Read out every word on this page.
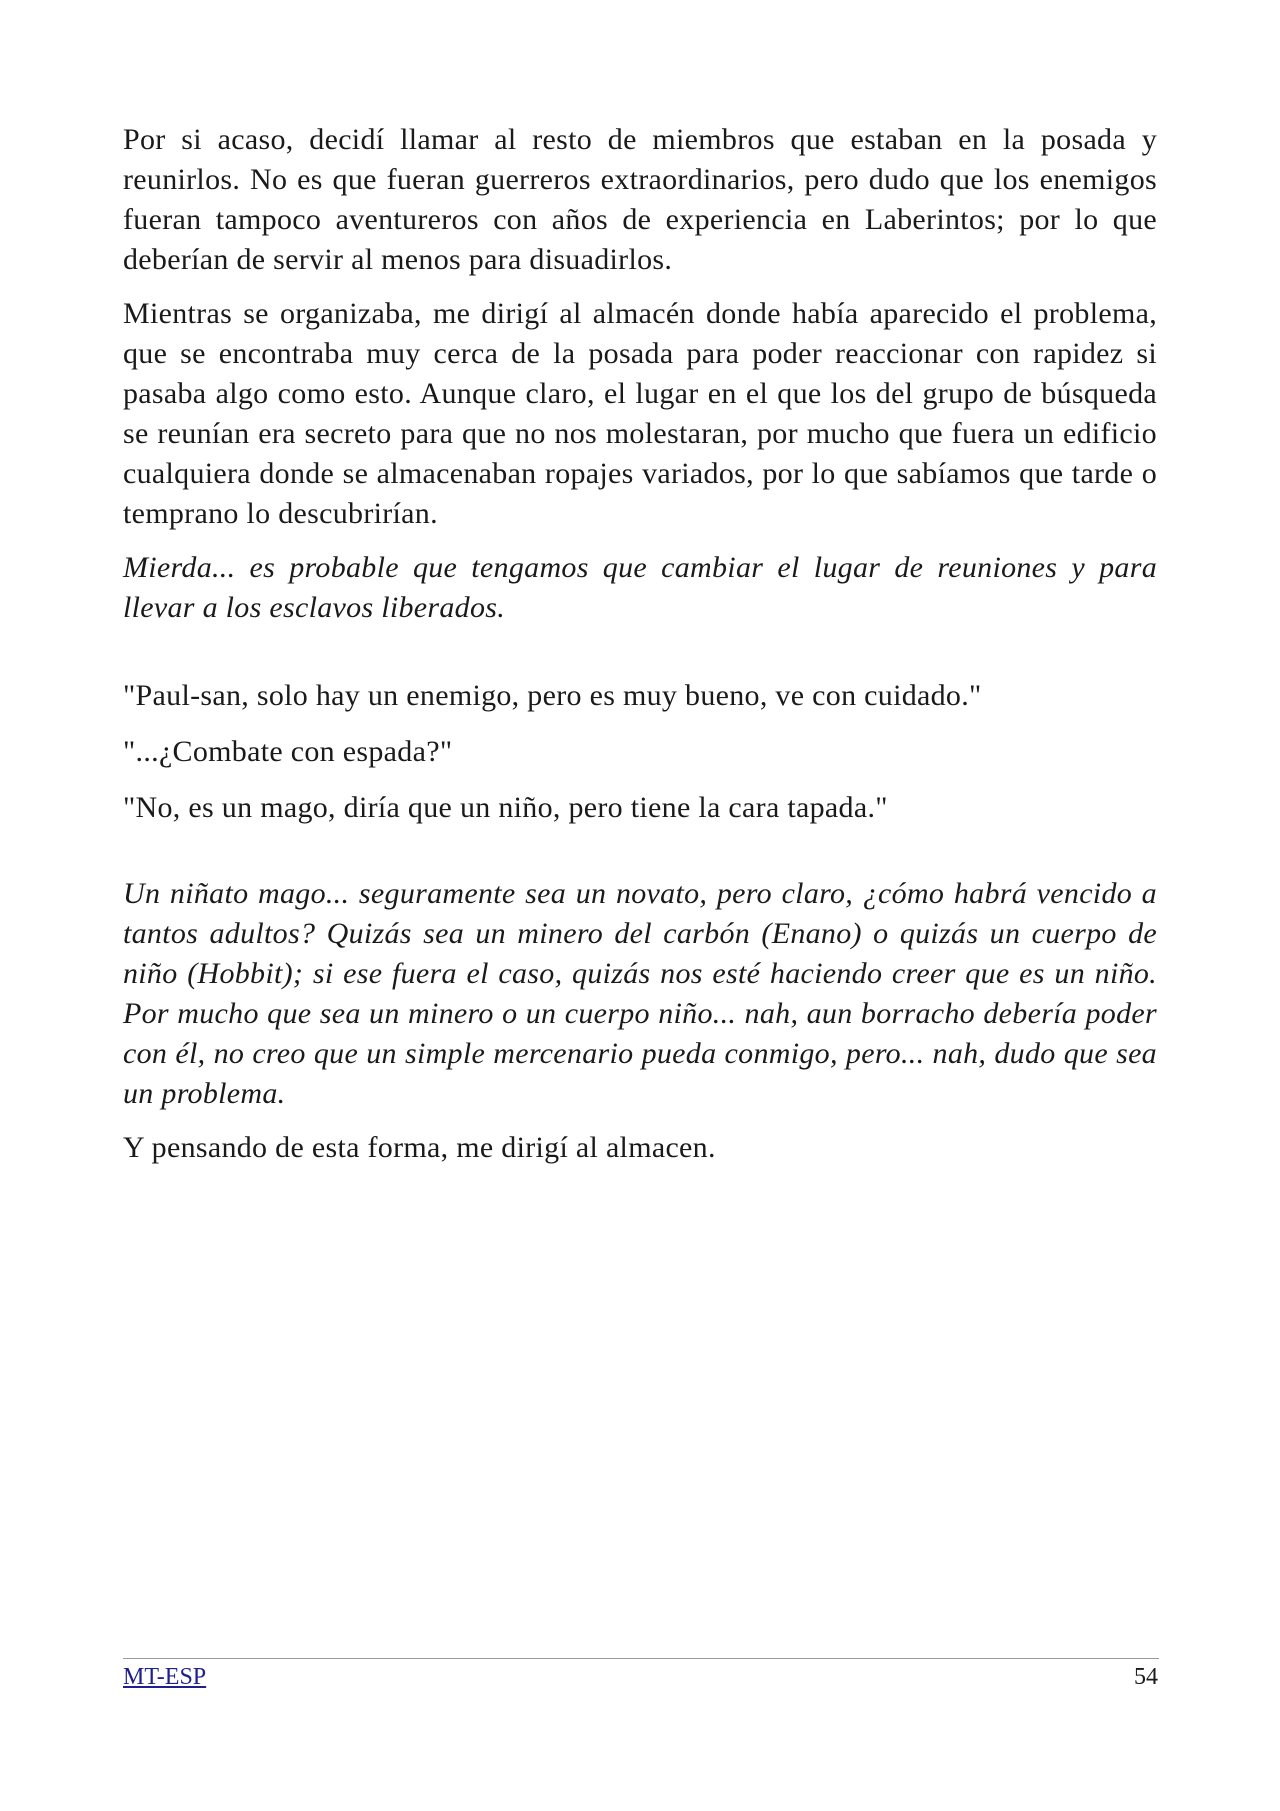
Por si acaso, decidí llamar al resto de miembros que estaban en la posada y reunirlos. No es que fueran guerreros extraordinarios, pero dudo que los enemigos fueran tampoco aventureros con años de experiencia en Laberintos; por lo que deberían de servir al menos para disuadirlos.

Mientras se organizaba, me dirigí al almacén donde había aparecido el problema, que se encontraba muy cerca de la posada para poder reaccionar con rapidez si pasaba algo como esto. Aunque claro, el lugar en el que los del grupo de búsqueda se reunían era secreto para que no nos molestaran, por mucho que fuera un edificio cualquiera donde se almacenaban ropajes variados, por lo que sabíamos que tarde o temprano lo descubrirían.

Mierda... es probable que tengamos que cambiar el lugar de reuniones y para llevar a los esclavos liberados.

"Paul-san, solo hay un enemigo, pero es muy bueno, ve con cuidado."

"...¿Combate con espada?"

"No, es un mago, diría que un niño, pero tiene la cara tapada."

Un niñato mago... seguramente sea un novato, pero claro, ¿cómo habrá vencido a tantos adultos? Quizás sea un minero del carbón (Enano) o quizás un cuerpo de niño (Hobbit); si ese fuera el caso, quizás nos esté haciendo creer que es un niño. Por mucho que sea un minero o un cuerpo niño... nah, aun borracho debería poder con él, no creo que un simple mercenario pueda conmigo, pero... nah, dudo que sea un problema.

Y pensando de esta forma, me dirigí al almacen.

MT-ESP	54
